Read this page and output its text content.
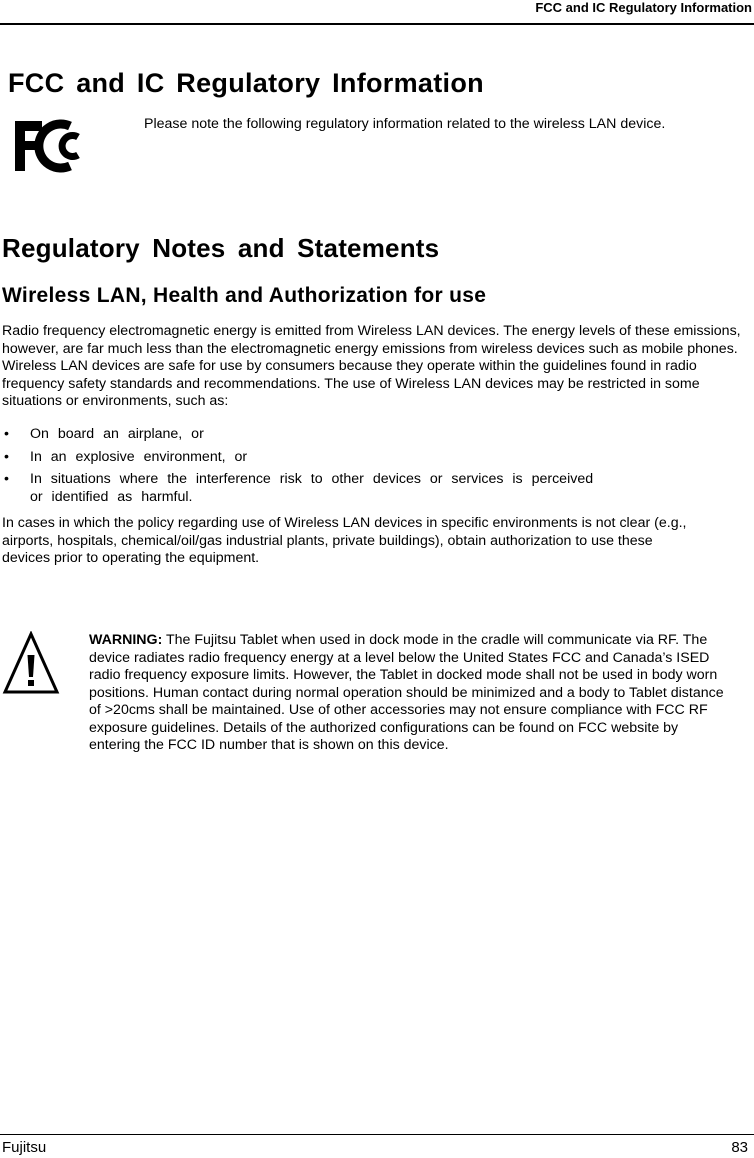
FCC and IC Regulatory Information
FCC and IC Regulatory Information
Please note the following regulatory information related to the wireless LAN device.
Regulatory Notes and Statements
Wireless LAN, Health and Authorization for use
Radio frequency electromagnetic energy is emitted from Wireless LAN devices. The energy levels of these emissions, however, are far much less than the electromagnetic energy emissions from wireless devices such as mobile phones. Wireless LAN devices are safe for use by consumers because they operate within the guidelines found in radio frequency safety standards and recommendations. The use of Wireless LAN devices may be restricted in some situations or environments, such as:
• On board an airplane, or
• In an explosive environment, or
• In situations where the interference risk to other devices or services is perceived or identified as harmful.
In cases in which the policy regarding use of Wireless LAN devices in specific environments is not clear (e.g., airports, hospitals, chemical/oil/gas industrial plants, private buildings), obtain authorization to use these devices prior to operating the equipment.
WARNING: The Fujitsu Tablet when used in dock mode in the cradle will communicate via RF. The device radiates radio frequency energy at a level below the United States FCC and Canada’s ISED radio frequency exposure limits. However, the Tablet in docked mode shall not be used in body worn positions. Human contact during normal operation should be minimized and a body to Tablet distance of >20cms shall be maintained. Use of other accessories may not ensure compliance with FCC RF exposure guidelines. Details of the authorized configurations can be found on FCC website by entering the FCC ID number that is shown on this device.
Fujitsu	83
